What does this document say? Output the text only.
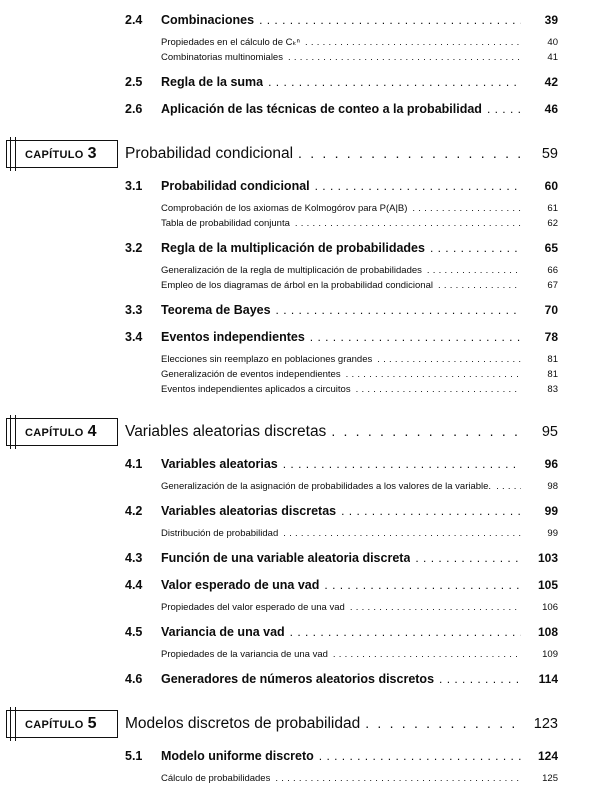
2.4	Combinaciones . . .	39
Propiedades en el cálculo de Cₖⁿ . . .	40
Combinatorias multinomiales . . .	41
2.5	Regla de la suma . . .	42
2.6	Aplicación de las técnicas de conteo a la probabilidad . . .	46
CAPÍTULO 3	Probabilidad condicional . . .	59
3.1	Probabilidad condicional . . .	60
Comprobación de los axiomas de Kolmogórov para P(A|B) . . .	61
Tabla de probabilidad conjunta . . .	62
3.2	Regla de la multiplicación de probabilidades . . .	65
Generalización de la regla de multiplicación de probabilidades . . .	66
Empleo de los diagramas de árbol en la probabilidad condicional . . .	67
3.3	Teorema de Bayes . . .	70
3.4	Eventos independientes . . .	78
Elecciones sin reemplazo en poblaciones grandes . . .	81
Generalización de eventos independientes . . .	81
Eventos independientes aplicados a circuitos . . .	83
CAPÍTULO 4	Variables aleatorias discretas . . .	95
4.1	Variables aleatorias . . .	96
Generalización de la asignación de probabilidades a los valores de la variable. . . .	98
4.2	Variables aleatorias discretas . . .	99
Distribución de probabilidad . . .	99
4.3	Función de una variable aleatoria discreta . . .	103
4.4	Valor esperado de una vad . . .	105
Propiedades del valor esperado de una vad . . .	106
4.5	Variancia de una vad . . .	108
Propiedades de la variancia de una vad . . .	109
4.6	Generadores de números aleatorios discretos . . .	114
CAPÍTULO 5	Modelos discretos de probabilidad . . .	123
5.1	Modelo uniforme discreto . . .	124
Cálculo de probabilidades . . .	125
